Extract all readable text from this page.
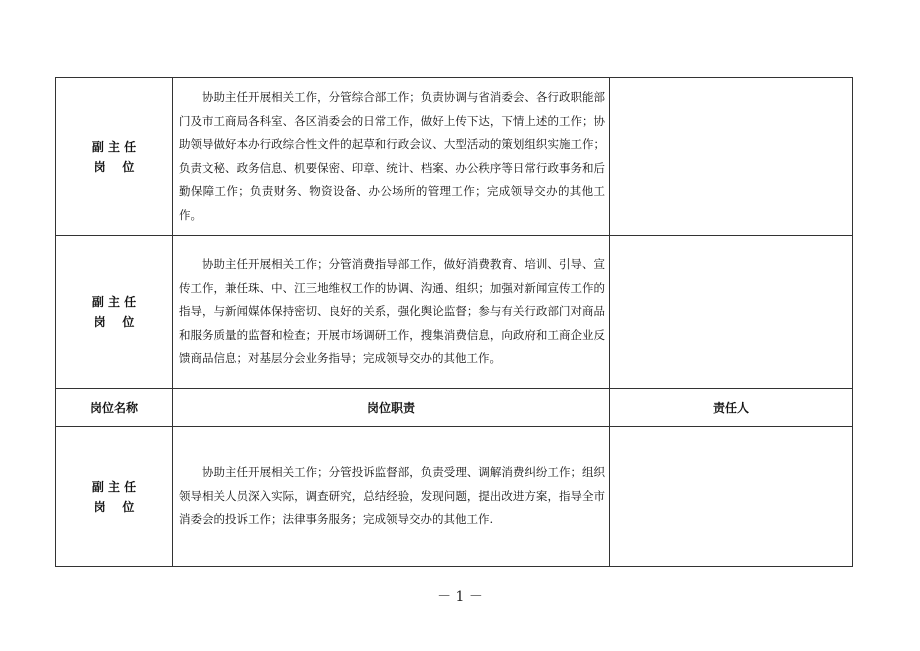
副 主 任
岗    位	协助主任开展相关工作，分管综合部工作；负责协调与省消委会、各行政职能部门及市工商局各科室、各区消委会的日常工作，做好上传下达，下情上述的工作；协助领导做好本办行政综合性文件的起草和行政会议、大型活动的策划组织实施工作；负责文秘、政务信息、机要保密、印章、统计、档案、办公秩序等日常行政事务和后勤保障工作；负责财务、物资设备、办公场所的管理工作；完成领导交办的其他工作。	

副 主 任
岗    位	协助主任开展相关工作；分管消费指导部工作，做好消费教育、培训、引导、宣传工作，兼任珠、中、江三地维权工作的协调、沟通、组织；加强对新闻宣传工作的指导，与新闻媒体保持密切、良好的关系，强化舆论监督；参与有关行政部门对商品和服务质量的监督和检查；开展市场调研工作，搜集消费信息，向政府和工商企业反馈商品信息；对基层分会业务指导；完成领导交办的其他工作。	

岗位名称	岗位职责	责任人

副 主 任
岗    位	协助主任开展相关工作；分管投诉监督部，负责受理、调解消费纠纷工作；组织领导相关人员深入实际，调查研究，总结经验，发现问题，提出改进方案，指导全市消委会的投诉工作；法律事务服务；完成领导交办的其他工作.	

－ 1 －
